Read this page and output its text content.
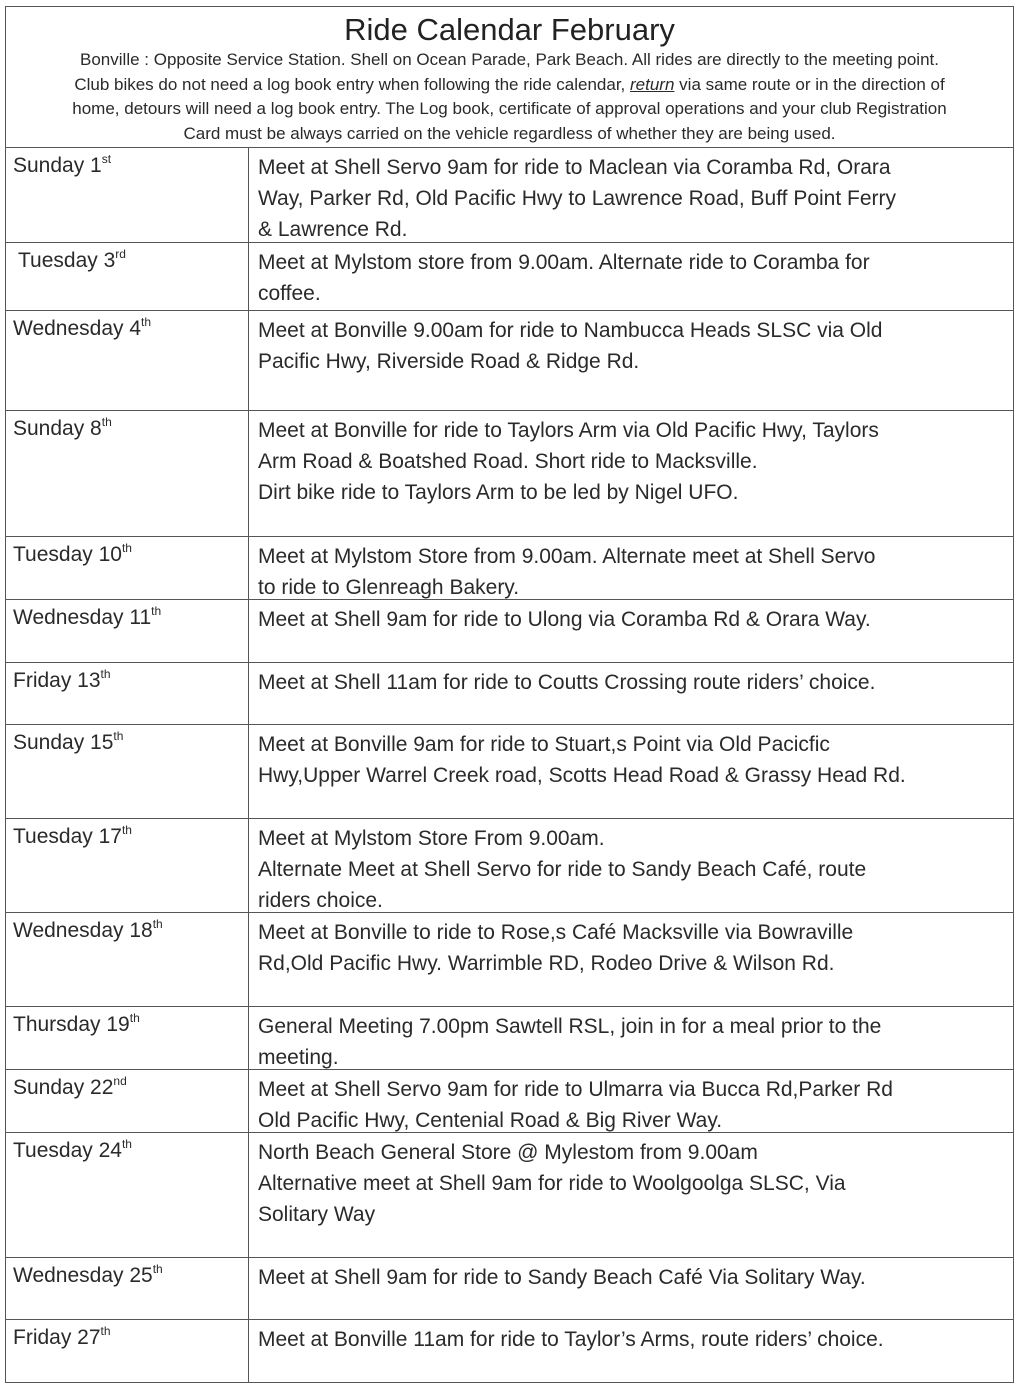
Ride Calendar February
Bonville : Opposite Service Station. Shell on Ocean Parade, Park Beach. All rides are directly to the meeting point.
Club bikes do not need a log book entry when following the ride calendar, return via same route or in the direction of
home, detours will need a log book entry. The Log book, certificate of approval operations and your club Registration
Card must be always carried on the vehicle regardless of whether they are being used.
Sunday 1st	Meet at Shell Servo 9am for ride to Maclean via Coramba Rd, Orara
Way, Parker Rd, Old Pacific Hwy to Lawrence Road, Buff Point Ferry
& Lawrence Rd.
Tuesday 3rd	Meet at Mylstom store from 9.00am. Alternate ride to Coramba for
coffee.
Wednesday 4th	Meet at Bonville 9.00am for ride to Nambucca Heads SLSC via Old
Pacific Hwy, Riverside Road & Ridge Rd.
Sunday 8th	Meet at Bonville for ride to Taylors Arm via Old Pacific Hwy, Taylors
Arm Road & Boatshed Road. Short ride to Macksville.
Dirt bike ride to Taylors Arm to be led by Nigel UFO.
Tuesday 10th	Meet at Mylstom Store from 9.00am. Alternate meet at Shell Servo
to ride to Glenreagh Bakery.
Wednesday 11th	Meet at Shell 9am for ride to Ulong via Coramba Rd & Orara Way.
Friday 13th	Meet at Shell 11am for ride to Coutts Crossing route riders’ choice.
Sunday 15th	Meet at Bonville 9am for ride to Stuart,s Point via Old Pacicfic
Hwy,Upper Warrel Creek road, Scotts Head Road & Grassy Head Rd.
Tuesday 17th	Meet at Mylstom Store From 9.00am.
Alternate Meet at Shell Servo for ride to Sandy Beach Café, route
riders choice.
Wednesday 18th	Meet at Bonville to ride to Rose,s Café Macksville via Bowraville
Rd,Old Pacific Hwy. Warrimble RD, Rodeo Drive & Wilson Rd.
Thursday 19th	General Meeting 7.00pm Sawtell RSL, join in for a meal prior to the
meeting.
Sunday 22nd	Meet at Shell Servo 9am for ride to Ulmarra via Bucca Rd,Parker Rd
Old Pacific Hwy, Centenial Road & Big River Way.
Tuesday 24th	North Beach General Store @ Mylestom from 9.00am
Alternative meet at Shell 9am for ride to Woolgoolga SLSC, Via
Solitary Way
Wednesday 25th	Meet at Shell 9am for ride to Sandy Beach Café Via Solitary Way.
Friday 27th	Meet at Bonville 11am for ride to Taylor’s Arms, route riders’ choice.
